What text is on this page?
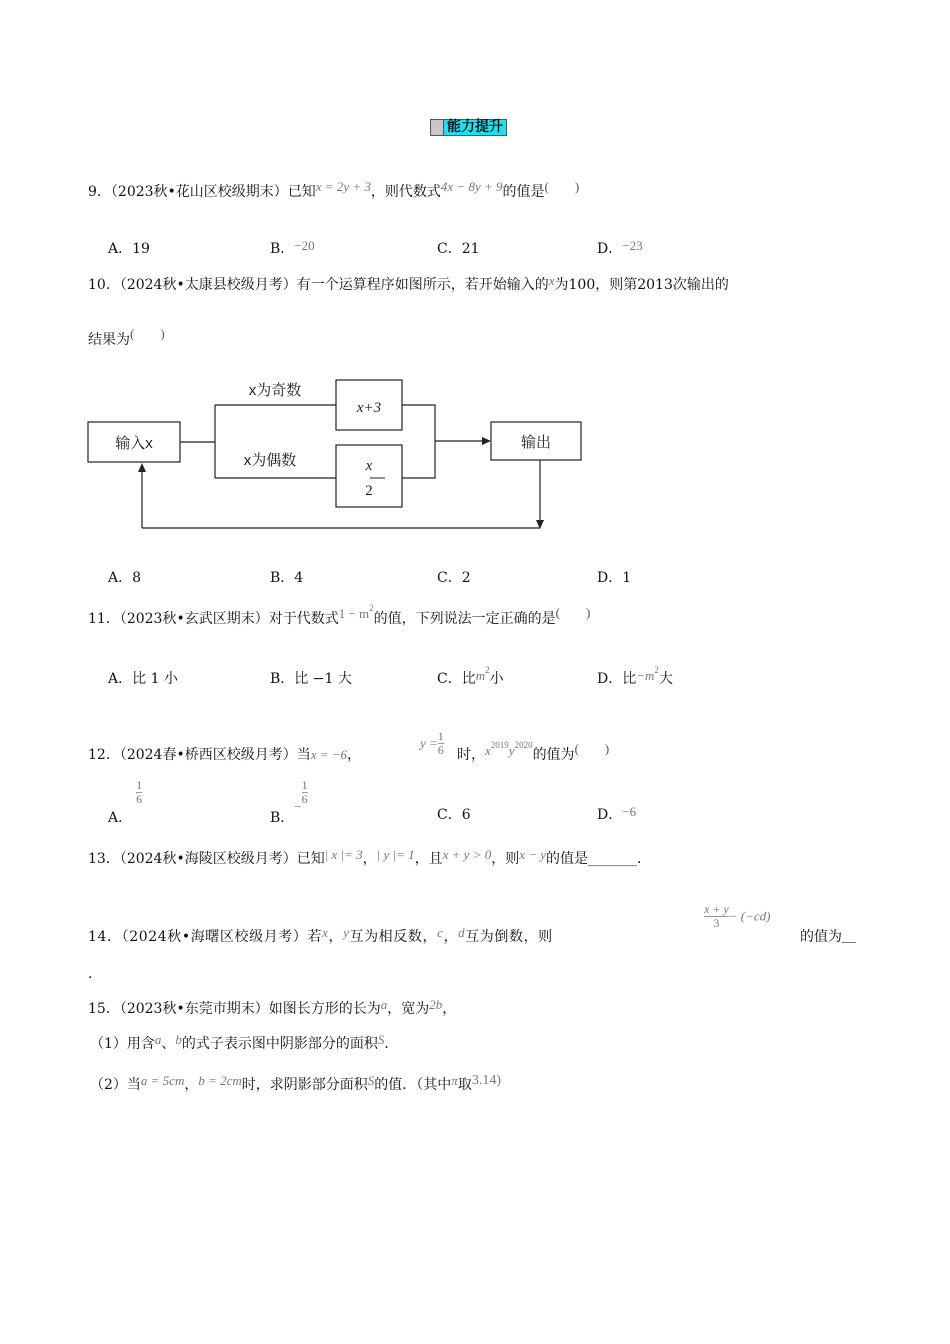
能力提升
9．（2023秋•花山区校级期末）已知x = 2y + 3，则代数式4x − 8y + 9的值是(　　)
A．19	B．−20	C．21	D．−23
10．（2024秋•太康县校级月考）有一个运算程序如图所示，若开始输入的x为100，则第2013次输出的
结果为(　　)
输入x
x为奇数
x+3
x为偶数	x
2
输出
A．8	B．4	C．2	D．1
11．（2023秋•玄武区期末）对于代数式$1 - m^2$的值，下列说法一定正确的是(　　)
A．比 1 小	B．比 −1 大	C．比$m^2$小	D．比$-m^2$大
12．（2024春•桥西区校级月考）当x = −6，
$y = \frac{1}{6}$ 时，$x^{2019}y^{2020}$的值为(　　)
A．
$\frac{1}{6}$
B．− $\frac{1}{6}$
C．6	D．−6
13．（2024秋•海陵区校级月考）已知| x |= 3，| y |= 1，且x + y > 0，则x − y的值是_______．
14．（2024秋•海曙区校级月考）若x，y互为相反数，c，d互为倒数，则
$\frac{x + y}{3} - (-cd)$
的值为＿
．
15．（2023秋•东莞市期末）如图长方形的长为a，宽为2b，
（1）用含a、b的式子表示图中阴影部分的面积S．
（2）当a = 5cm，b = 2cm时，求阴影部分面积S的值．（其中π取3.14)
